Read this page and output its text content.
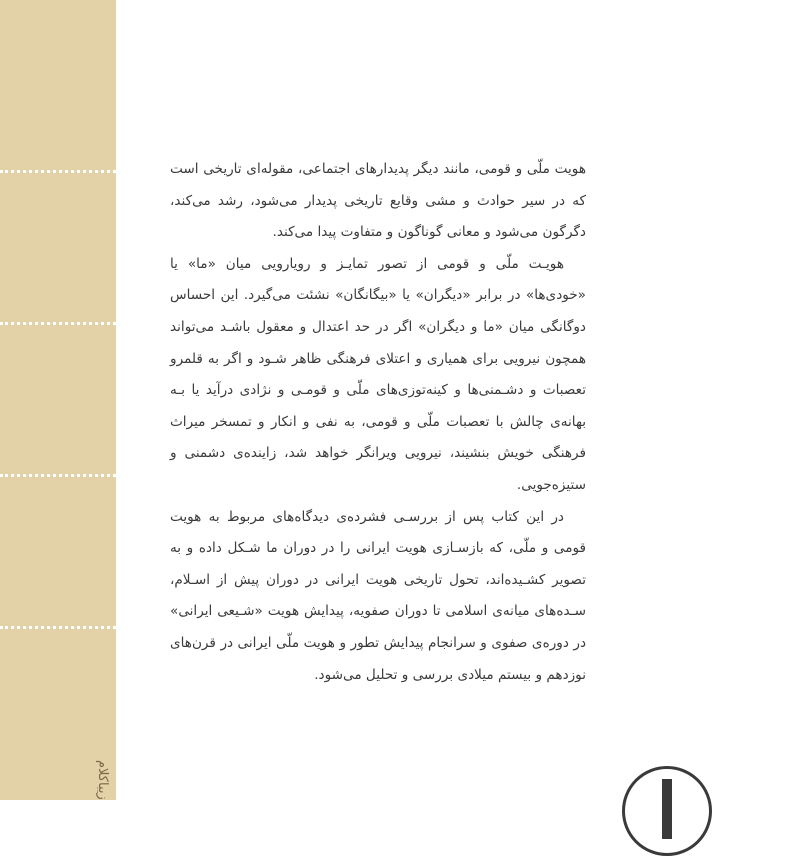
زیباکلام

هویت ملّی و قومی، مانند دیگر پدیدارهای اجتماعی، مقوله‌ای تاریخی است که در سیر حوادث و مشی وقایع تاریخی پدیدار می‌شود، رشد می‌کند، دگرگون می‌شود و معانی گوناگون و متفاوت پیدا می‌کند.

هویـت ملّی و قومی از تصور تمایـز و رویارویی میان «ما» یا «خودی‌ها» در برابر «دیگران» یا «بیگانگان» نشئت می‌گیرد. این احساس دوگانگی میان «ما و دیگران» اگر در حد اعتدال و معقول باشـد می‌تواند همچون نیرویی برای همیاری و اعتلای فرهنگی ظاهر شـود و اگر به قلمرو تعصبات و دشـمنی‌ها و کینه‌توزی‌های ملّی و قومـی و نژادی درآید یا بـه بهانه‌ی چالش با تعصبات ملّی و قومی، به نفی و انکار و تمسخر میراث فرهنگی خویش بنشیند، نیرویی ویرانگر خواهد شد، زاینده‌ی دشمنی و ستیزه‌جویی.

در این کتاب پس از بررسـی فشرده‌ی دیدگاه‌های مربوط به هویت قومی و ملّی، که بازسـازی هویت ایرانی را در دوران ما شـکل داده و به تصویر کشـیده‌اند، تحول تاریخی هویت ایرانی در دوران پیش از اسـلام، سـده‌های میانه‌ی اسلامی تا دوران صفویه، پیدایش هویت «شـیعی ایرانی» در دوره‌ی صفوی و سرانجام پیدایش تطور و هویت ملّی ایرانی در قرن‌های نوزدهم و بیستم میلادی بررسی و تحلیل می‌شود.
